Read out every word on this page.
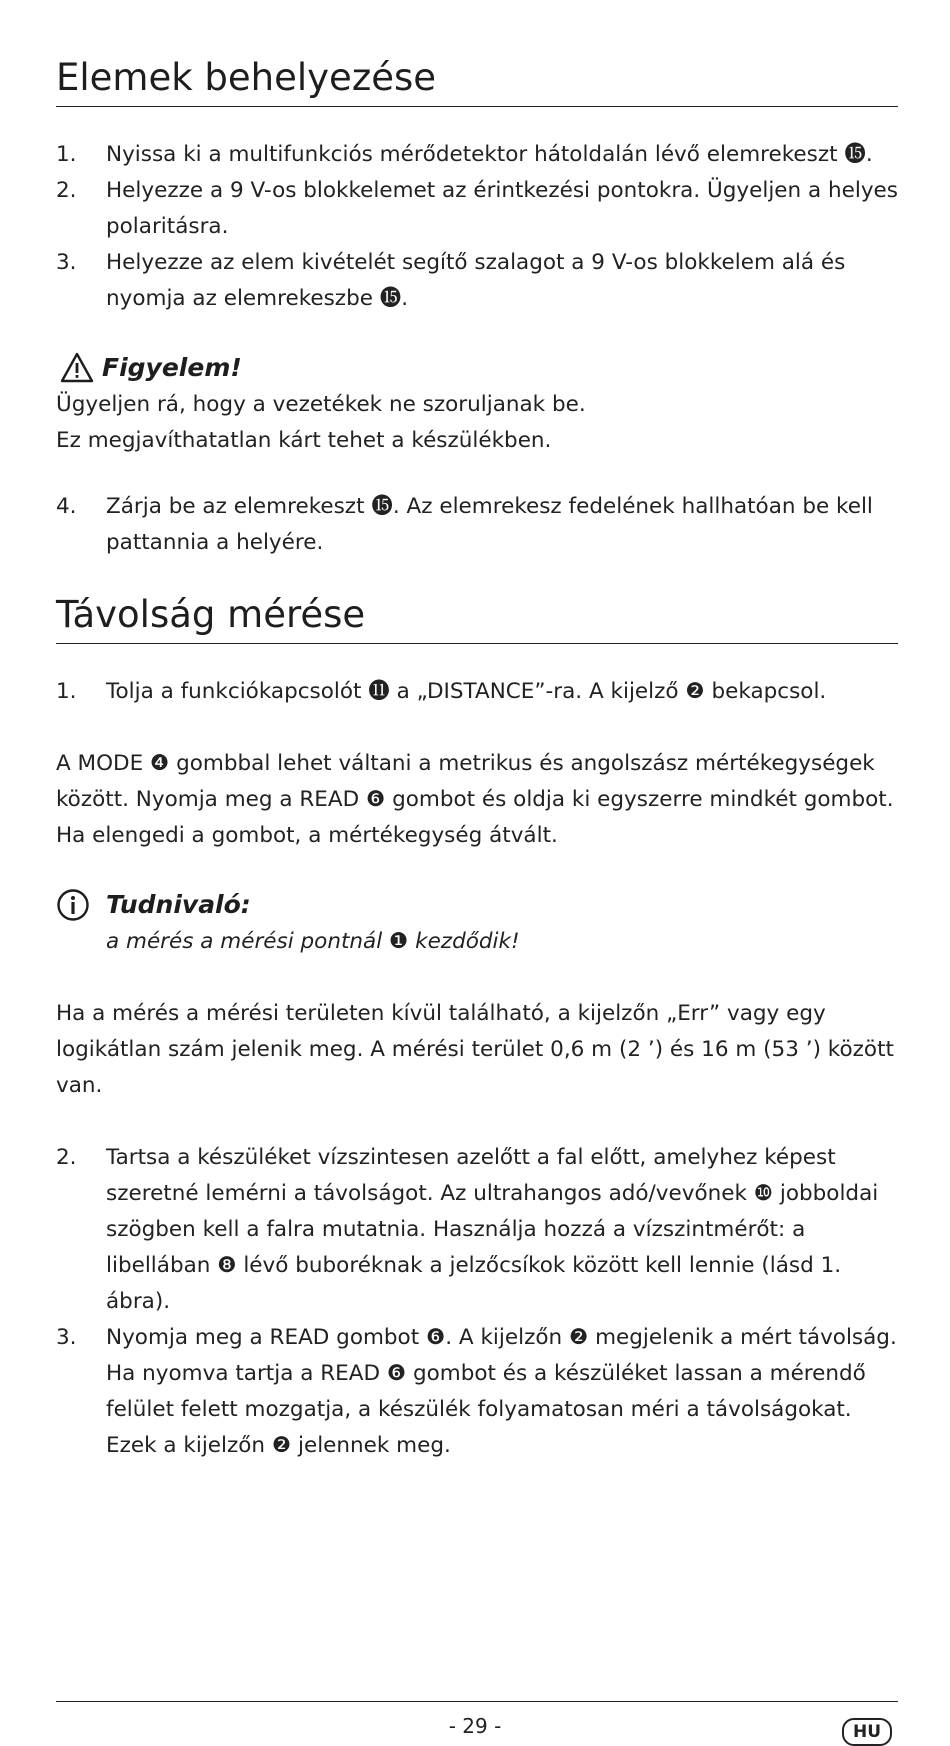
Elemek behelyezése
1.	Nyissa ki a multifunkciós mérődetektor hátoldalán lévő elemrekeszt ⓯.
2.	Helyezze a 9 V-os blokkelemet az érintkezési pontokra. Ügyeljen a helyes polaritásra.
3.	Helyezze az elem kivételét segítő szalagot a 9 V-os blokkelem alá és nyomja az elemrekeszbe ⓯.
Figyelem!

Ügyeljen rá, hogy a vezetékek ne szoruljanak be.

Ez megjavíthatatlan kárt tehet a készülékben.

4.	Zárja be az elemrekeszt ⓯. Az elemrekesz fedelének hallhatóan be kell pattannia a helyére.
Távolság mérése
1.	Tolja a funkciókapcsolót ⓫ a „DISTANCE”-ra. A kijelző ❷ bekapcsol.

A MODE ❹ gombbal lehet váltani a metrikus és angolszász mértékegységek között. Nyomja meg a READ ❻ gombot és oldja ki egyszerre mindkét gombot. Ha elengedi a gombot, a mértékegység átvált.

Tudnivaló:

a mérés a mérési pontnál ❶ kezdődik!

Ha a mérés a mérési területen kívül található, a kijelzőn „Err” vagy egy logikátlan szám jelenik meg. A mérési terület 0,6 m (2 ’) és 16 m (53 ’) között van.

2.	Tartsa a készüléket vízszintesen azelőtt a fal előtt, amelyhez képest szeretné lemérni a távolságot. Az ultrahangos adó/vevőnek ❿ jobboldai szögben kell a falra mutatnia. Használja hozzá a vízszintmérőt: a libellában ❽ lévő buboréknak a jelzőcsíkok között kell lennie (lásd 1. ábra).
3.	Nyomja meg a READ gombot ❻. A kijelzőn ❷ megjelenik a mért távolság. Ha nyomva tartja a READ ❻ gombot és a készüléket lassan a mérendő felület felett mozgatja, a készülék folyamatosan méri a távolságokat. Ezek a kijelzőn ❷ jelennek meg.
- 29 -	HU
